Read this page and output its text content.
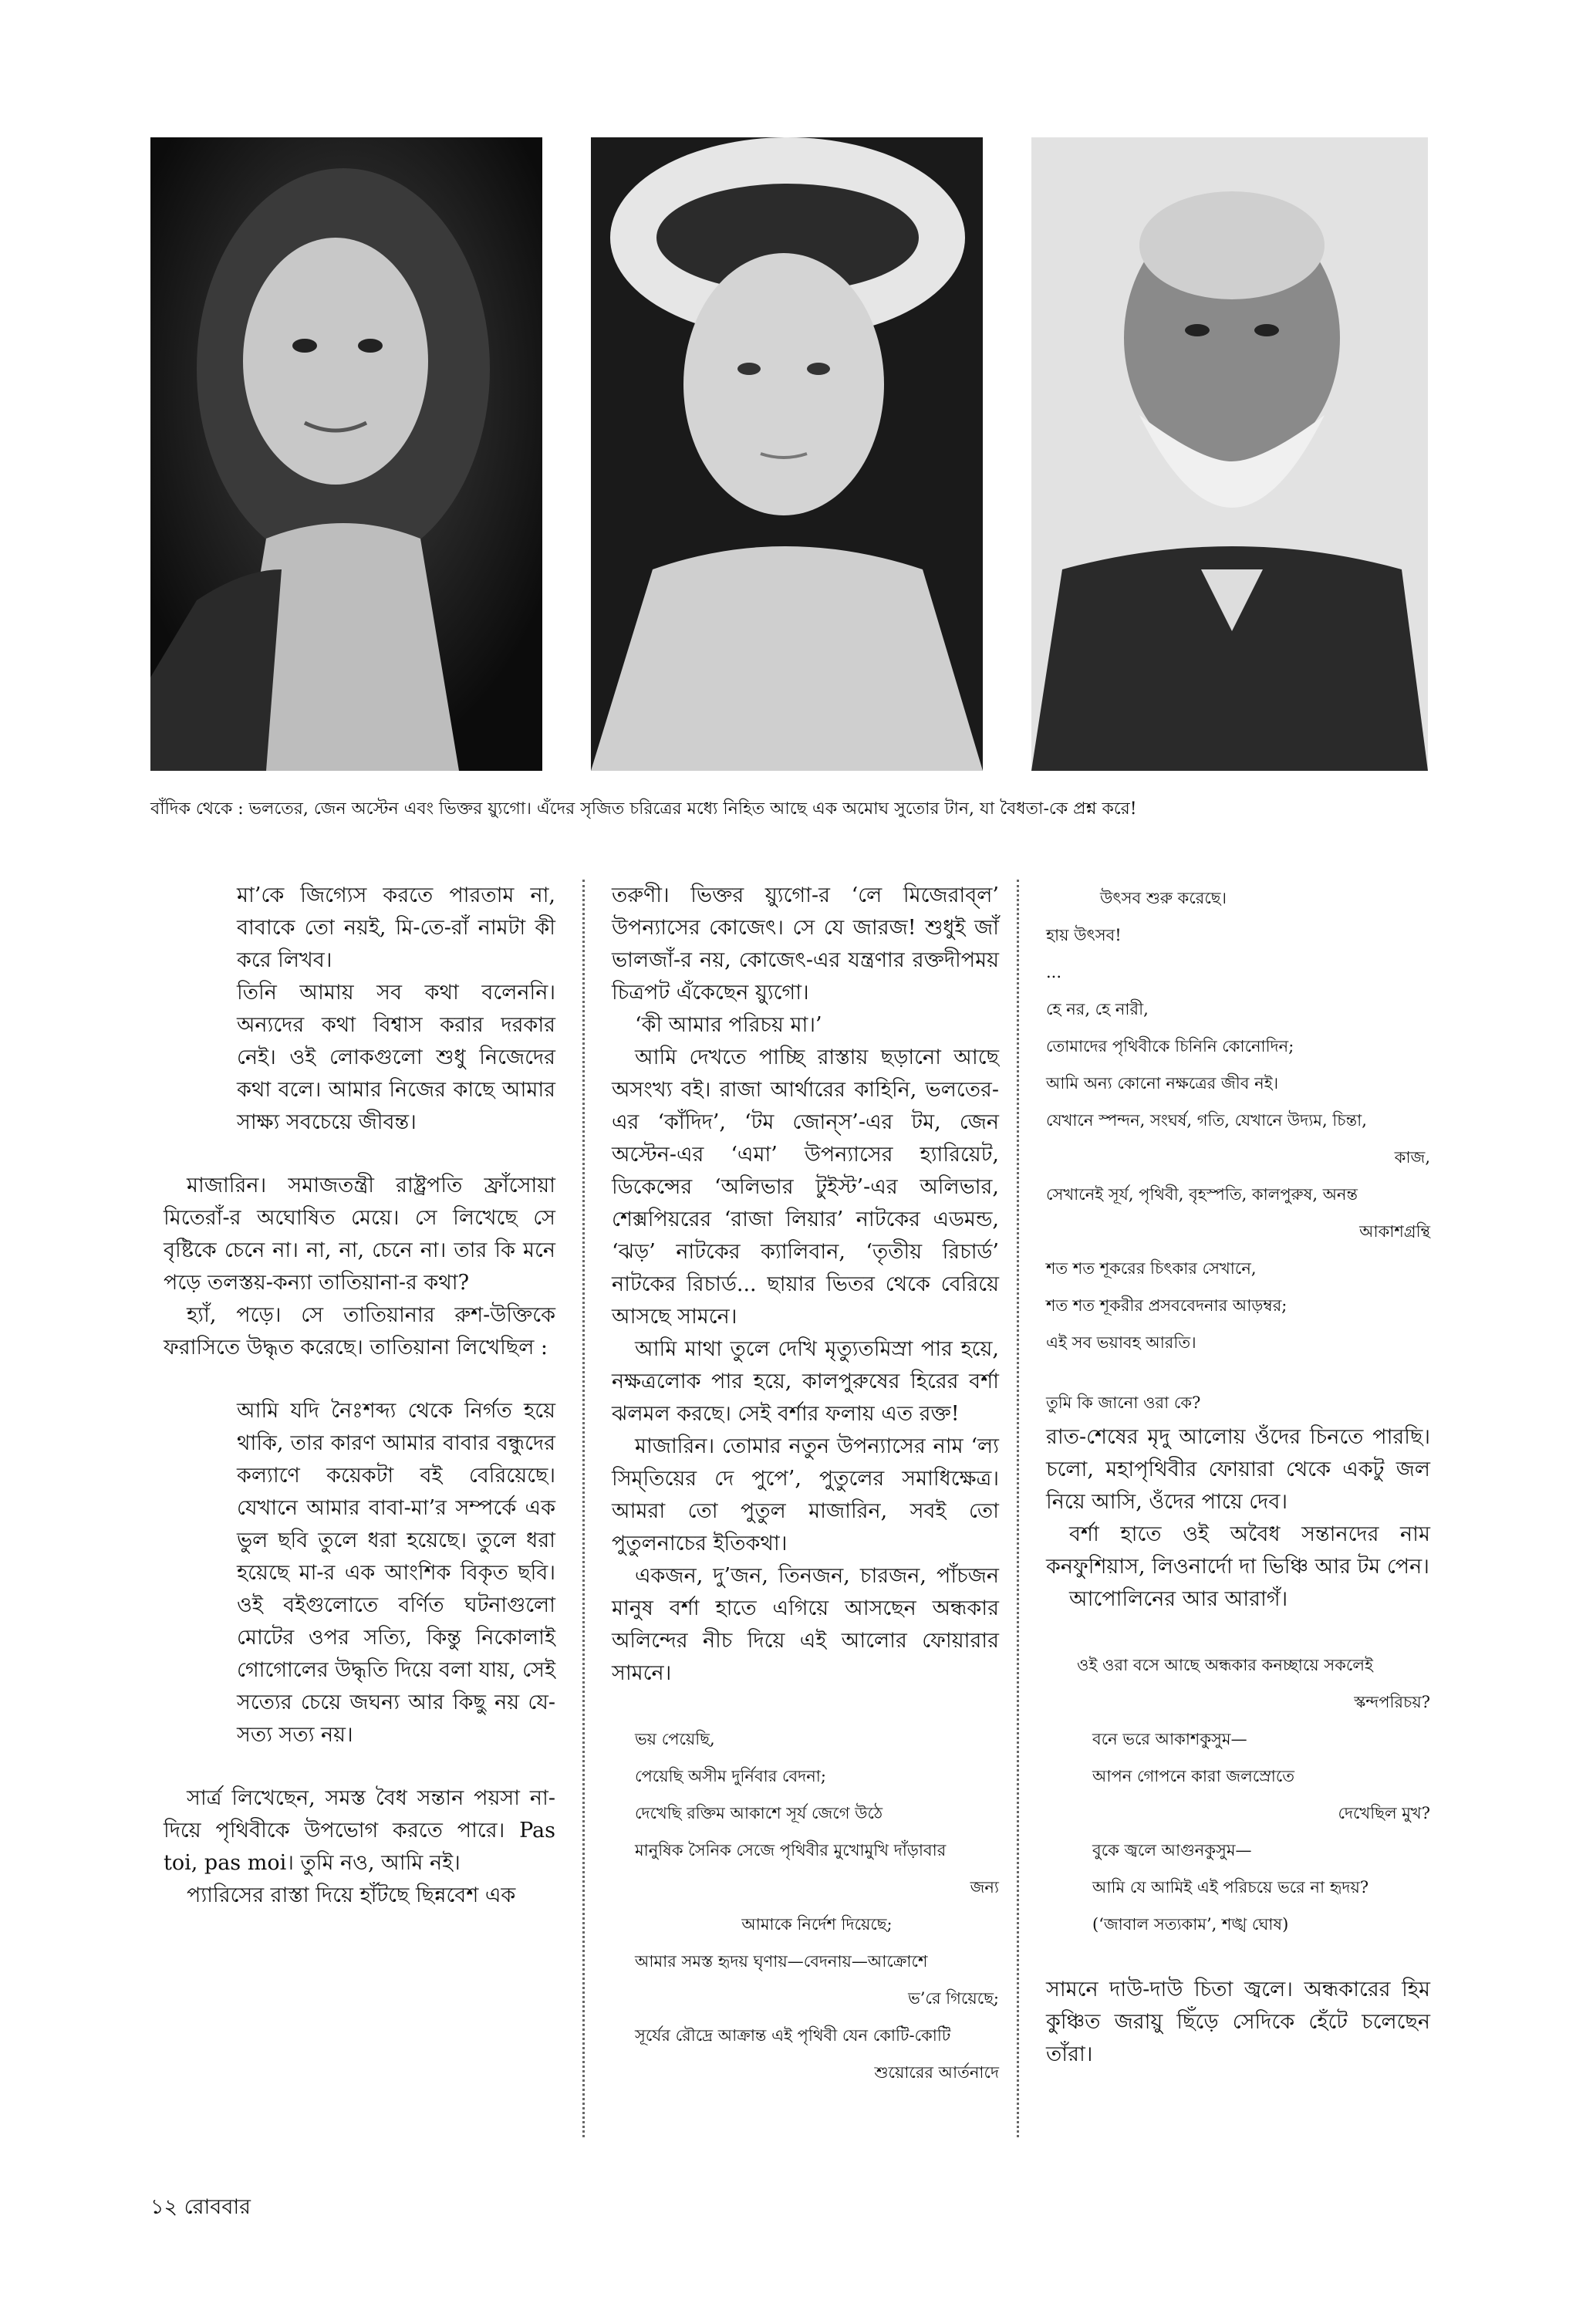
বাঁদিক থেকে : ভলতের, জেন অস্টেন এবং ভিক্তর য়্যুগো। এঁদের সৃজিত চরিত্রের মধ্যে নিহিত আছে এক অমোঘ সুতোর টান, যা বৈধতা-কে প্রশ্ন করে!

মা’কে জিগ্যেস করতে পারতাম না, বাবাকে তো নয়ই, মি-তে-রাঁ নামটা কী করে লিখব।

তিনি আমায় সব কথা বলেননি। অন্যদের কথা বিশ্বাস করার দরকার নেই। ওই লোকগুলো শুধু নিজেদের কথা বলে। আমার নিজের কাছে আমার সাক্ষ্য সবচেয়ে জীবন্ত।

মাজারিন। সমাজতন্ত্রী রাষ্ট্রপতি ফ্রাঁসোয়া মিতেরাঁ-র অঘোষিত মেয়ে। সে লিখেছে সে বৃষ্টিকে চেনে না। না, না, চেনে না। তার কি মনে পড়ে তলস্তয়-কন্যা তাতিয়ানা-র কথা?

হ্যাঁ, পড়ে। সে তাতিয়ানার রুশ-উক্তিকে ফরাসিতে উদ্ধৃত করেছে। তাতিয়ানা লিখেছিল :

আমি যদি নৈঃশব্দ্য থেকে নির্গত হয়ে থাকি, তার কারণ আমার বাবার বন্ধুদের কল্যাণে কয়েকটা বই বেরিয়েছে। যেখানে আমার বাবা-মা’র সম্পর্কে এক ভুল ছবি তুলে ধরা হয়েছে। তুলে ধরা হয়েছে মা-র এক আংশিক বিকৃত ছবি। ওই বইগুলোতে বর্ণিত ঘটনাগুলো মোটের ওপর সত্যি, কিন্তু নিকোলাই গোগোলের উদ্ধৃতি দিয়ে বলা যায়, সেই সত্যের চেয়ে জঘন্য আর কিছু নয় যে-সত্য সত্য নয়।

সার্ত্র লিখেছেন, সমস্ত বৈধ সন্তান পয়সা না-দিয়ে পৃথিবীকে উপভোগ করতে পারে। Pas toi, pas moi। তুমি নও, আমি নই।

প্যারিসের রাস্তা দিয়ে হাঁটছে ছিন্নবেশ এক

তরুণী। ভিক্তর য়্যুগো-র ‘লে মিজেরাব্‌ল’ উপন্যাসের কোজেৎ। সে যে জারজ! শুধুই জাঁ ভালজাঁ-র নয়, কোজেৎ-এর যন্ত্রণার রক্তদীপময় চিত্রপট এঁকেছেন য়্যুগো।

‘কী আমার পরিচয় মা।’

আমি দেখতে পাচ্ছি রাস্তায় ছড়ানো আছে অসংখ্য বই। রাজা আর্থারের কাহিনি, ভলতের-এর ‘কাঁদিদ’, ‘টম জোন্‌স’-এর টম, জেন অস্টেন-এর ‘এমা’ উপন্যাসের হ্যারিয়েট, ডিকেন্সের ‘অলিভার টুইস্ট’-এর অলিভার, শেক্সপিয়রের ‘রাজা লিয়ার’ নাটকের এডমন্ড, ‘ঝড়’ নাটকের ক্যালিবান, ‘তৃতীয় রিচার্ড’ নাটকের রিচার্ড... ছায়ার ভিতর থেকে বেরিয়ে আসছে সামনে।

আমি মাথা তুলে দেখি মৃত্যুতমিস্রা পার হয়ে, নক্ষত্রলোক পার হয়ে, কালপুরুষের হিরের বর্শা ঝলমল করছে। সেই বর্শার ফলায় এত রক্ত!

মাজারিন। তোমার নতুন উপন্যাসের নাম ‘ল্য সিম্‌তিয়ের দে পুপে’, পুতুলের সমাধিক্ষেত্র। আমরা তো পুতুল মাজারিন, সবই তো পুতুলনাচের ইতিকথা।

একজন, দু’জন, তিনজন, চারজন, পাঁচজন মানুষ বর্শা হাতে এগিয়ে আসছেন অন্ধকার অলিন্দের নীচ দিয়ে এই আলোর ফোয়ারার সামনে।

ভয় পেয়েছি,
পেয়েছি অসীম দুর্নিবার বেদনা;
দেখেছি রক্তিম আকাশে সূর্য জেগে উঠে
মানুষিক সৈনিক সেজে পৃথিবীর মুখোমুখি দাঁড়াবার
জন্য
আমাকে নির্দেশ দিয়েছে;
আমার সমস্ত হৃদয় ঘৃণায়—বেদনায়—আক্রোশে
ভ’রে গিয়েছে;
সূর্যের রৌদ্রে আক্রান্ত এই পৃথিবী যেন কোটি-কোটি
শুয়োরের আর্তনাদে
উৎসব শুরু করেছে।
হায় উৎসব!
...
হে নর, হে নারী,
তোমাদের পৃথিবীকে চিনিনি কোনোদিন;
আমি অন্য কোনো নক্ষত্রের জীব নই।
যেখানে স্পন্দন, সংঘর্ষ, গতি, যেখানে উদ্যম, চিন্তা,
কাজ,
সেখানেই সূর্য, পৃথিবী, বৃহস্পতি, কালপুরুষ, অনন্ত
আকাশগ্রন্থি
শত শত শূকরের চিৎকার সেখানে,
শত শত শূকরীর প্রসববেদনার আড়ম্বর;
এই সব ভয়াবহ আরতি।
তুমি কি জানো ওরা কে?

রাত-শেষের মৃদু আলোয় ওঁদের চিনতে পারছি। চলো, মহাপৃথিবীর ফোয়ারা থেকে একটু জল নিয়ে আসি, ওঁদের পায়ে দেব।

বর্শা হাতে ওই অবৈধ সন্তানদের নাম কনফুশিয়াস, লিওনার্দো দা ভিঞ্চি আর টম পেন।

আপোলিনের আর আরাগঁ।

ওই ওরা বসে আছে অন্ধকার কনচ্ছায়ে সকলেই
স্কন্দপরিচয়?
বনে ভরে আকাশকুসুম—
আপন গোপনে কারা জলস্রোতে
দেখেছিল মুখ?
বুকে জ্বলে আগুনকুসুম—
আমি যে আমিই এই পরিচয়ে ভরে না হৃদয়?
(‘জাবাল সত্যকাম’, শঙ্খ ঘোষ)

সামনে দাউ-দাউ চিতা জ্বলে। অন্ধকারের হিম কুঞ্চিত জরায়ু ছিঁড়ে সেদিকে হেঁটে চলেছেন তাঁরা।

১২ রোববার
